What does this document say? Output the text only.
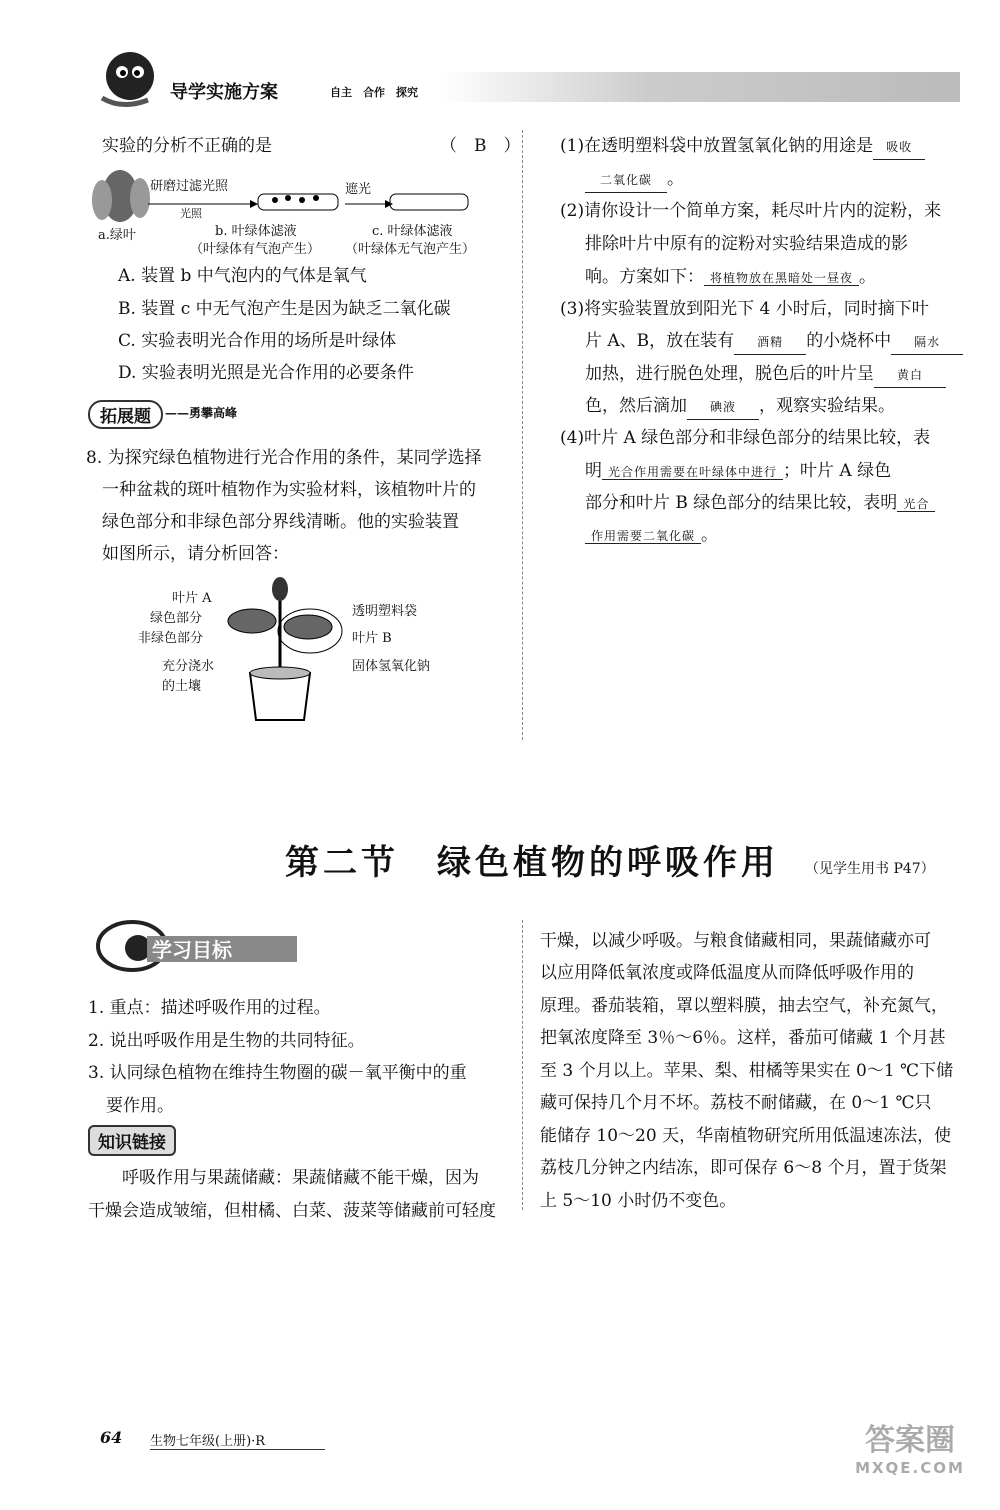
导学实施方案	自主　合作　探究
实验的分析不正确的是	（　B　）
研磨过滤光照
光照
遮光
a.绿叶	b. 叶绿体滤液
（叶绿体有气泡产生）
c. 叶绿体滤液
（叶绿体无气泡产生）
A. 装置 b 中气泡内的气体是氧气
B. 装置 c 中无气泡产生是因为缺乏二氧化碳
C. 实验表明光合作用的场所是叶绿体
D. 实验表明光照是光合作用的必要条件
拓展题	——勇攀高峰
8. 为探究绿色植物进行光合作用的条件，某同学选择
一种盆栽的斑叶植物作为实验材料，该植物叶片的
绿色部分和非绿色部分界线清晰。他的实验装置
如图所示，请分析回答：
叶片 A
绿色部分
非绿色部分
充分浇水
的土壤
透明塑料袋
叶片 B
固体氢氧化钠
(1)在透明塑料袋中放置氢氧化钠的用途是 吸收
二氧化碳 。
(2)请你设计一个简单方案，耗尽叶片内的淀粉，来
排除叶片中原有的淀粉对实验结果造成的影
响。方案如下： 将植物放在黑暗处一昼夜 。
(3)将实验装置放到阳光下 4 小时后，同时摘下叶
片 A、B，放在装有 酒精 的小烧杯中 隔水
加热，进行脱色处理，脱色后的叶片呈 黄白
色，然后滴加 碘液 ，观察实验结果。
(4)叶片 A 绿色部分和非绿色部分的结果比较，表
明 光合作用需要在叶绿体中进行 ；叶片 A 绿色
部分和叶片 B 绿色部分的结果比较，表明 光合
作用需要二氧化碳 。
第二节　绿色植物的呼吸作用 （见学生用书 P47）
学习目标
1. 重点：描述呼吸作用的过程。
2. 说出呼吸作用是生物的共同特征。
3. 认同绿色植物在维持生物圈的碳－氧平衡中的重
要作用。
知识链接
呼吸作用与果蔬储藏：果蔬储藏不能干燥，因为
干燥会造成皱缩，但柑橘、白菜、菠菜等储藏前可轻度
干燥，以减少呼吸。与粮食储藏相同，果蔬储藏亦可
以应用降低氧浓度或降低温度从而降低呼吸作用的
原理。番茄装箱，罩以塑料膜，抽去空气，补充氮气，
把氧浓度降至 3％～6％。这样，番茄可储藏 1 个月甚
至 3 个月以上。苹果、梨、柑橘等果实在 0～1 ℃下储
藏可保持几个月不坏。荔枝不耐储藏，在 0～1 ℃只
能储存 10～20 天，华南植物研究所用低温速冻法，使
荔枝几分钟之内结冻，即可保存 6～8 个月，置于货架
上 5～10 小时仍不变色。
64 生物七年级(上册)·R	答案圈
MXQE.COM
